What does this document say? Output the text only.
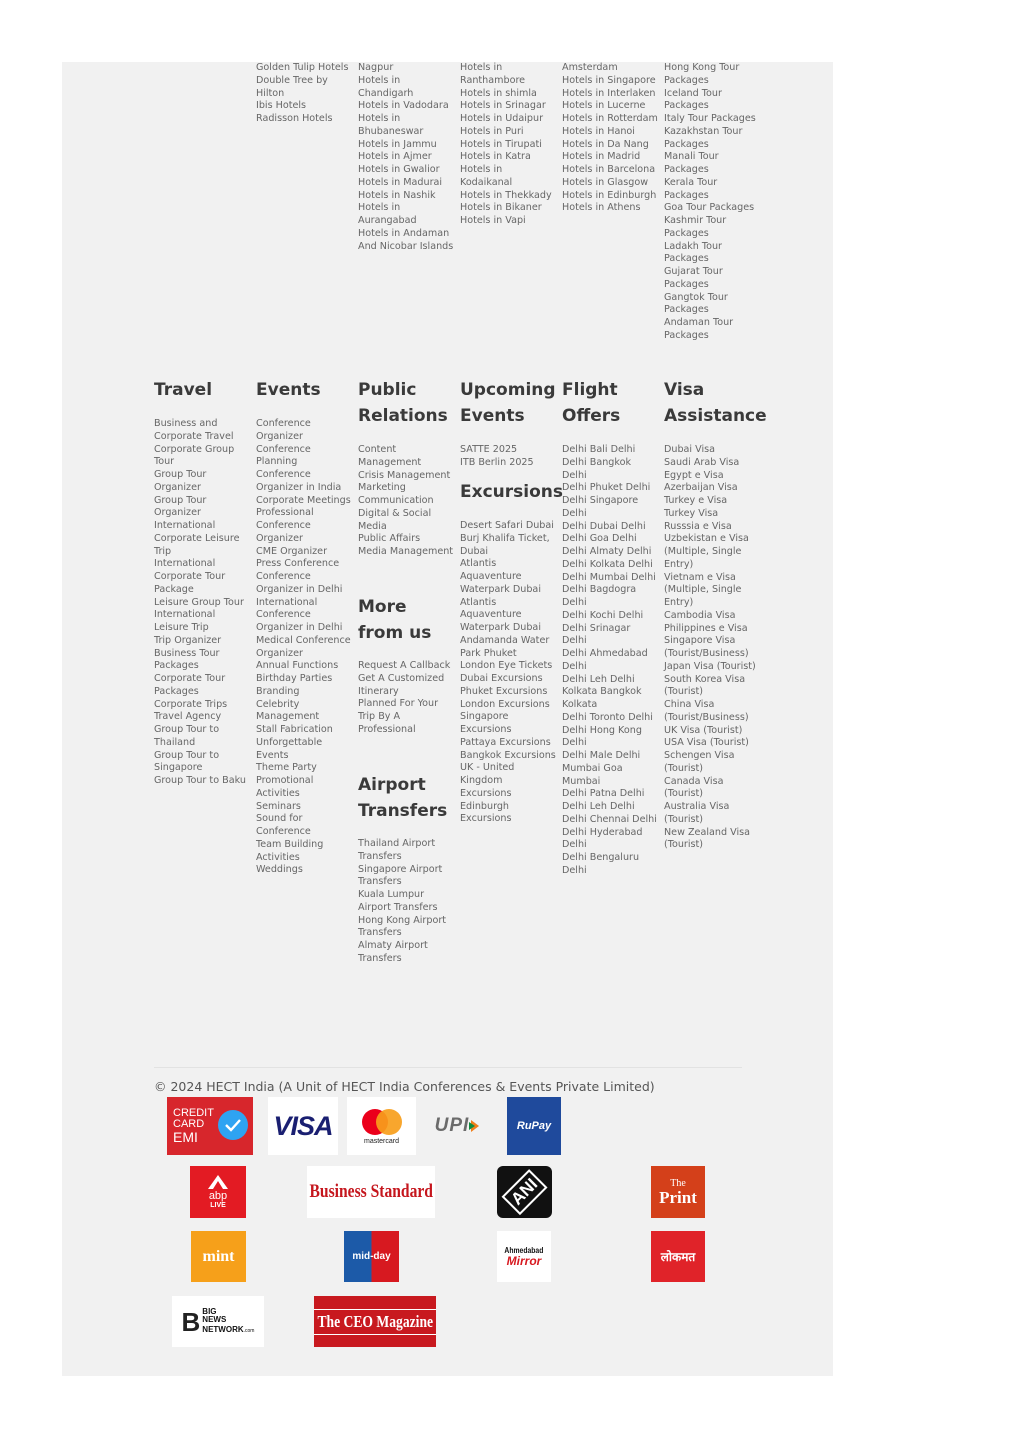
Golden Tulip Hotels
Double Tree by Hilton
Ibis Hotels
Radisson Hotels
Nagpur
Hotels in Chandigarh
Hotels in Vadodara
Hotels in Bhubaneswar
Hotels in Jammu
Hotels in Ajmer
Hotels in Gwalior
Hotels in Madurai
Hotels in Nashik
Hotels in Aurangabad
Hotels in Andaman And Nicobar Islands
Hotels in Ranthambore
Hotels in shimla
Hotels in Srinagar
Hotels in Udaipur
Hotels in Puri
Hotels in Tirupati
Hotels in Katra
Hotels in Kodaikanal
Hotels in Thekkady
Hotels in Bikaner
Hotels in Vapi
Amsterdam
Hotels in Singapore
Hotels in Interlaken
Hotels in Lucerne
Hotels in Rotterdam
Hotels in Hanoi
Hotels in Da Nang
Hotels in Madrid
Hotels in Barcelona
Hotels in Glasgow
Hotels in Edinburgh
Hotels in Athens
Hong Kong Tour Packages
Iceland Tour Packages
Italy Tour Packages
Kazakhstan Tour Packages
Manali Tour Packages
Kerala Tour Packages
Goa Tour Packages
Kashmir Tour Packages
Ladakh Tour Packages
Gujarat Tour Packages
Gangtok Tour Packages
Andaman Tour Packages
Travel
Business and Corporate Travel
Corporate Group Tour
Group Tour Organizer
Group Tour Organizer
International Corporate Leisure Trip
International Corporate Tour Package
Leisure Group Tour
International Leisure Trip
Trip Organizer
Business Tour Packages
Corporate Tour Packages
Corporate Trips
Travel Agency
Group Tour to Thailand
Group Tour to Singapore
Group Tour to Baku
Events
Conference Organizer
Conference Planning
Conference Organizer in India
Corporate Meetings
Professional Conference Organizer
CME Organizer
Press Conference
Conference Organizer in Delhi
International Conference Organizer in Delhi
Medical Conference Organizer
Annual Functions
Birthday Parties
Branding
Celebrity Management
Stall Fabrication
Unforgettable Events
Theme Party
Promotional Activities
Seminars
Sound for Conference
Team Building Activities
Weddings
Public Relations
Content Management
Crisis Management
Marketing Communication
Digital & Social Media
Public Affairs
Media Management
More from us
Request A Callback
Get A Customized Itinerary
Planned For Your Trip By A Professional
Airport Transfers
Thailand Airport Transfers
Singapore Airport Transfers
Kuala Lumpur Airport Transfers
Hong Kong Airport Transfers
Almaty Airport Transfers
Upcoming Events
SATTE 2025
ITB Berlin 2025
Excursions
Desert Safari Dubai
Burj Khalifa Ticket, Dubai
Atlantis Aquaventure Waterpark Dubai
Atlantis Aquaventure Waterpark Dubai
Andamanda Water Park Phuket
London Eye Tickets
Dubai Excursions
Phuket Excursions
London Excursions
Singapore Excursions
Pattaya Excursions
Bangkok Excursions
UK - United Kingdom Excursions
Edinburgh Excursions
Flight Offers
Delhi Bali Delhi
Delhi Bangkok Delhi
Delhi Phuket Delhi
Delhi Singapore Delhi
Delhi Dubai Delhi
Delhi Goa Delhi
Delhi Almaty Delhi
Delhi Kolkata Delhi
Delhi Mumbai Delhi
Delhi Bagdogra Delhi
Delhi Kochi Delhi
Delhi Srinagar Delhi
Delhi Ahmedabad Delhi
Delhi Leh Delhi
Kolkata Bangkok Kolkata
Delhi Toronto Delhi
Delhi Hong Kong Delhi
Delhi Male Delhi
Mumbai Goa Mumbai
Delhi Patna Delhi
Delhi Leh Delhi
Delhi Chennai Delhi
Delhi Hyderabad Delhi
Delhi Bengaluru Delhi
Visa Assistance
Dubai Visa
Saudi Arab Visa
Egypt e Visa
Azerbaijan Visa
Turkey e Visa
Turkey Visa
Russsia e Visa
Uzbekistan e Visa (Multiple, Single Entry)
Vietnam e Visa (Multiple, Single Entry)
Cambodia Visa
Philippines e Visa
Singapore Visa (Tourist/Business)
Japan Visa (Tourist)
South Korea Visa (Tourist)
China Visa (Tourist/Business)
UK Visa (Tourist)
USA Visa (Tourist)
Schengen Visa (Tourist)
Canada Visa (Tourist)
Australia Visa (Tourist)
New Zealand Visa (Tourist)
© 2024 HECT India (A Unit of HECT India Conferences & Events Private Limited)
CREDIT
CARD
EMI	VISA
mastercard
UPI	RuPay
abp
LIVE
Business Standard	ANI	The
Print
mint	mid-day
Ahmedabad
Mirror	लोकमत
B BIG
NEWS
NETWORK.com
The CEO Magazine
